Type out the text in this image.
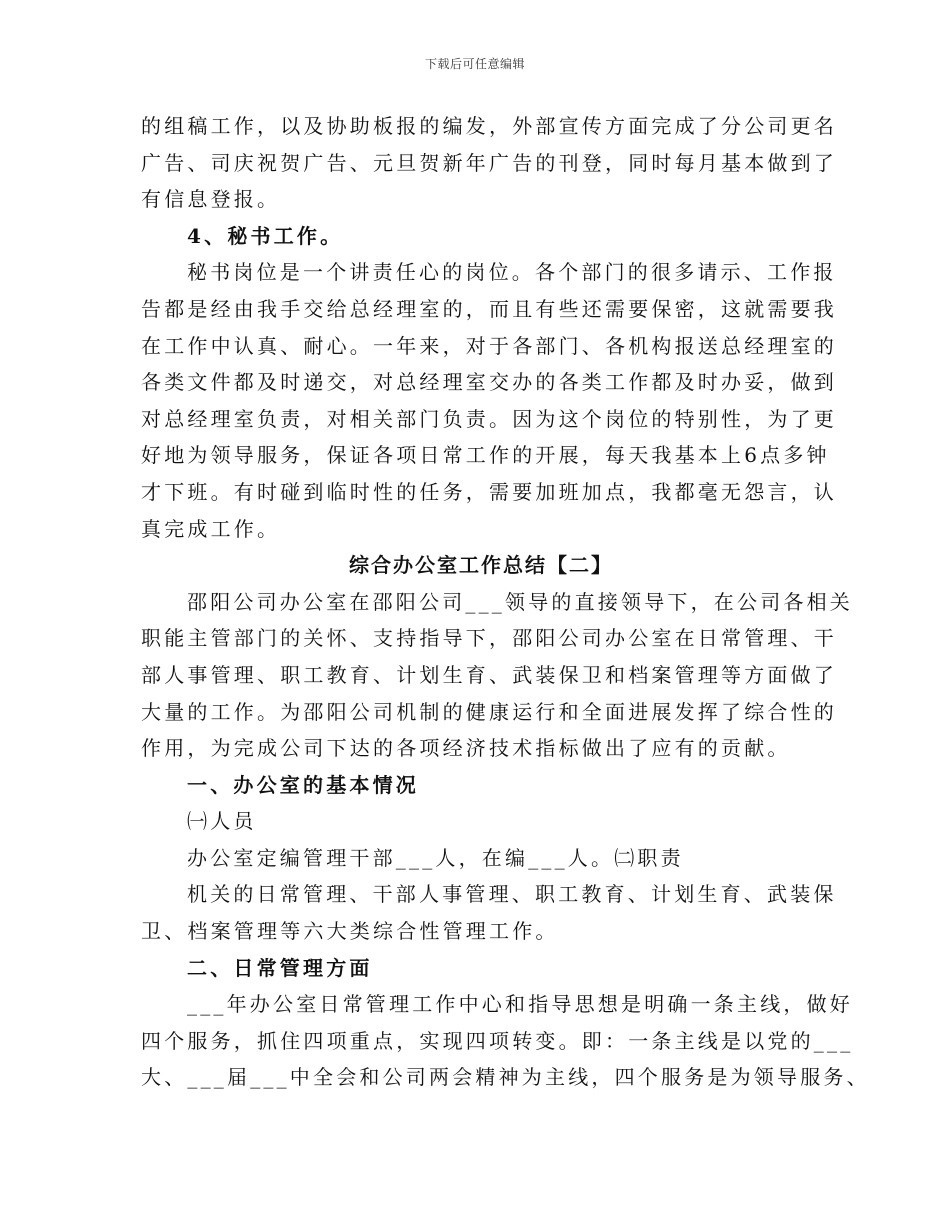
下载后可任意编辑
的组稿工作，以及协助板报的编发，外部宣传方面完成了分公司更名
广告、司庆祝贺广告、元旦贺新年广告的刊登，同时每月基本做到了
有信息登报。
4、秘书工作。
秘书岗位是一个讲责任心的岗位。各个部门的很多请示、工作报
告都是经由我手交给总经理室的，而且有些还需要保密，这就需要我
在工作中认真、耐心。一年来，对于各部门、各机构报送总经理室的
各类文件都及时递交，对总经理室交办的各类工作都及时办妥，做到
对总经理室负责，对相关部门负责。因为这个岗位的特别性，为了更
好地为领导服务，保证各项日常工作的开展，每天我基本上6点多钟
才下班。有时碰到临时性的任务，需要加班加点，我都毫无怨言，认
真完成工作。
综合办公室工作总结【二】
邵阳公司办公室在邵阳公司___领导的直接领导下，在公司各相关
职能主管部门的关怀、支持指导下，邵阳公司办公室在日常管理、干
部人事管理、职工教育、计划生育、武装保卫和档案管理等方面做了
大量的工作。为邵阳公司机制的健康运行和全面进展发挥了综合性的
作用，为完成公司下达的各项经济技术指标做出了应有的贡献。
一、办公室的基本情况
㈠人员
办公室定编管理干部___人，在编___人。㈡职责
机关的日常管理、干部人事管理、职工教育、计划生育、武装保
卫、档案管理等六大类综合性管理工作。
二、日常管理方面
___年办公室日常管理工作中心和指导思想是明确一条主线，做好
四个服务，抓住四项重点，实现四项转变。即：一条主线是以党的___
大、___届___中全会和公司两会精神为主线，四个服务是为领导服务、
